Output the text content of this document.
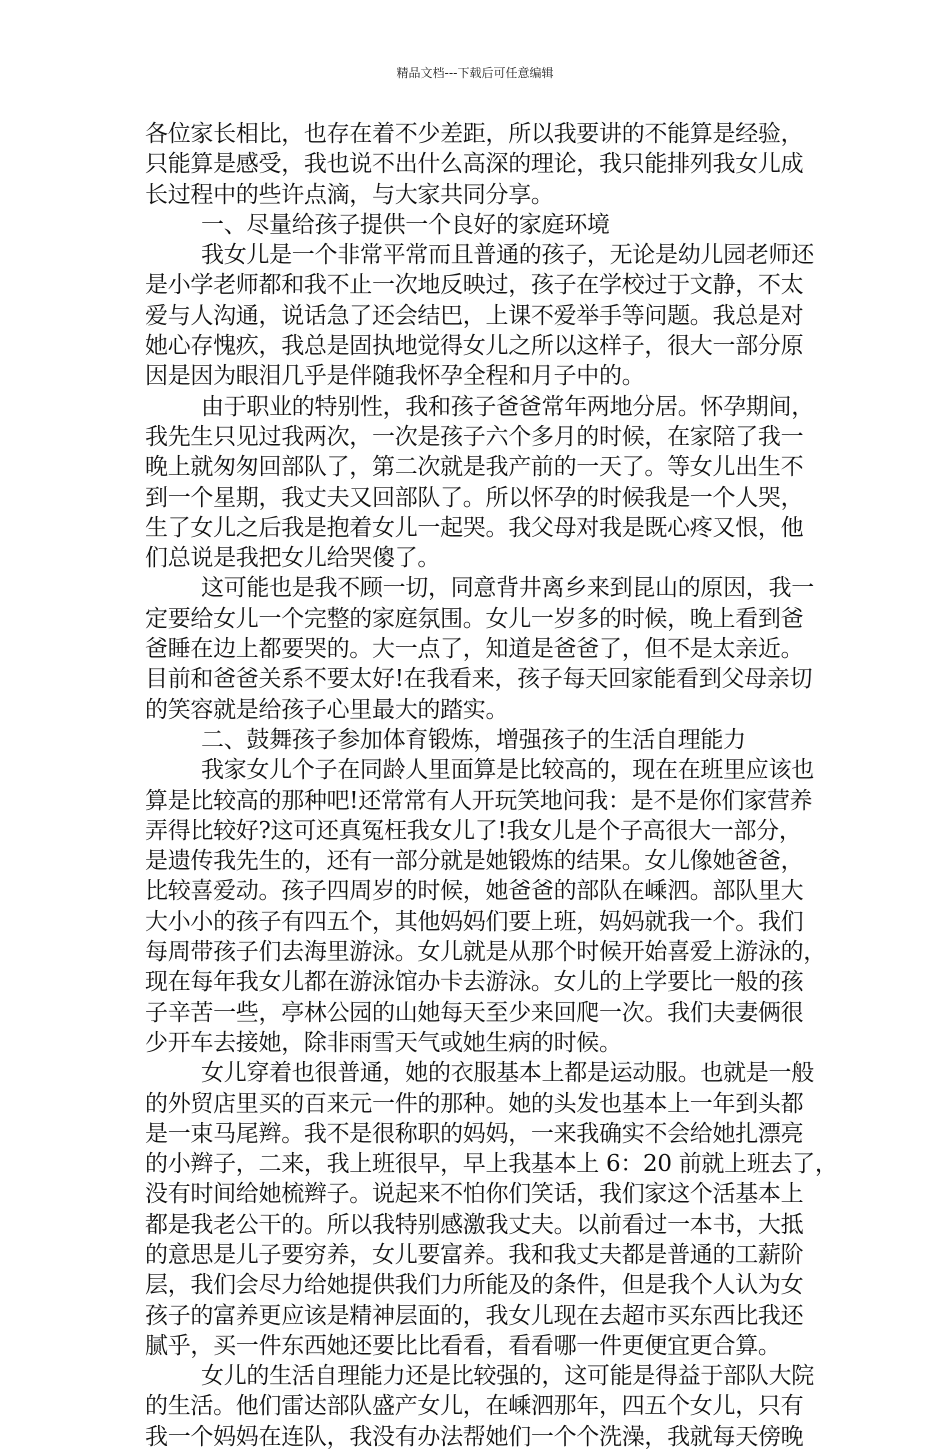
精品文档---下载后可任意编辑
各位家长相比，也存在着不少差距，所以我要讲的不能算是经验，
只能算是感受，我也说不出什么高深的理论，我只能排列我女儿成
长过程中的些许点滴，与大家共同分享。
一、尽量给孩子提供一个良好的家庭环境
我女儿是一个非常平常而且普通的孩子，无论是幼儿园老师还
是小学老师都和我不止一次地反映过，孩子在学校过于文静，不太
爱与人沟通，说话急了还会结巴，上课不爱举手等问题。我总是对
她心存愧疚，我总是固执地觉得女儿之所以这样子，很大一部分原
因是因为眼泪几乎是伴随我怀孕全程和月子中的。
由于职业的特别性，我和孩子爸爸常年两地分居。怀孕期间，
我先生只见过我两次，一次是孩子六个多月的时候，在家陪了我一
晚上就匆匆回部队了，第二次就是我产前的一天了。等女儿出生不
到一个星期，我丈夫又回部队了。所以怀孕的时候我是一个人哭，
生了女儿之后我是抱着女儿一起哭。我父母对我是既心疼又恨，他
们总说是我把女儿给哭傻了。
这可能也是我不顾一切，同意背井离乡来到昆山的原因，我一
定要给女儿一个完整的家庭氛围。女儿一岁多的时候，晚上看到爸
爸睡在边上都要哭的。大一点了，知道是爸爸了，但不是太亲近。
目前和爸爸关系不要太好!在我看来，孩子每天回家能看到父母亲切
的笑容就是给孩子心里最大的踏实。
二、鼓舞孩子参加体育锻炼，增强孩子的生活自理能力
我家女儿个子在同龄人里面算是比较高的，现在在班里应该也
算是比较高的那种吧!还常常有人开玩笑地问我：是不是你们家营养
弄得比较好?这可还真冤枉我女儿了!我女儿是个子高很大一部分，
是遗传我先生的，还有一部分就是她锻炼的结果。女儿像她爸爸，
比较喜爱动。孩子四周岁的时候，她爸爸的部队在嵊泗。部队里大
大小小的孩子有四五个，其他妈妈们要上班，妈妈就我一个。我们
每周带孩子们去海里游泳。女儿就是从那个时候开始喜爱上游泳的，
现在每年我女儿都在游泳馆办卡去游泳。女儿的上学要比一般的孩
子辛苦一些，亭林公园的山她每天至少来回爬一次。我们夫妻俩很
少开车去接她，除非雨雪天气或她生病的时候。
女儿穿着也很普通，她的衣服基本上都是运动服。也就是一般
的外贸店里买的百来元一件的那种。她的头发也基本上一年到头都
是一束马尾辫。我不是很称职的妈妈，一来我确实不会给她扎漂亮
的小辫子，二来，我上班很早，早上我基本上 6：20 前就上班去了，
没有时间给她梳辫子。说起来不怕你们笑话，我们家这个活基本上
都是我老公干的。所以我特别感激我丈夫。以前看过一本书，大抵
的意思是儿子要穷养，女儿要富养。我和我丈夫都是普通的工薪阶
层，我们会尽力给她提供我们力所能及的条件，但是我个人认为女
孩子的富养更应该是精神层面的，我女儿现在去超市买东西比我还
腻乎，买一件东西她还要比比看看，看看哪一件更便宜更合算。
女儿的生活自理能力还是比较强的，这可能是得益于部队大院
的生活。他们雷达部队盛产女儿，在嵊泗那年，四五个女儿，只有
我一个妈妈在连队，我没有办法帮她们一个个洗澡，我就每天傍晚
